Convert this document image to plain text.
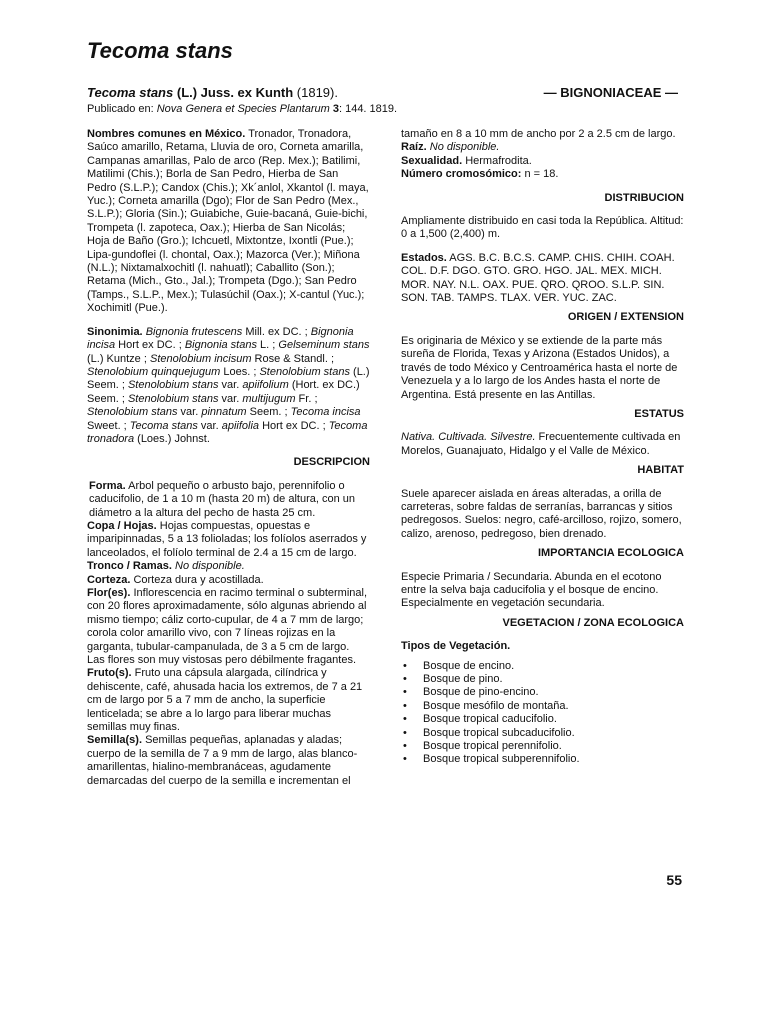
Tecoma stans
Tecoma stans (L.) Juss. ex Kunth (1819).	— BIGNONIACEAE —
Publicado en: Nova Genera et Species Plantarum 3: 144. 1819.

Nombres comunes en México. Tronador, Tronadora, Saúco amarillo, Retama, Lluvia de oro, Corneta amarilla, Campanas amarillas, Palo de arco (Rep. Mex.); Batilimi, Matilimi (Chis.); Borla de San Pedro, Hierba de San Pedro (S.L.P.); Candox (Chis.); Xk´anlol, Xkantol (l. maya, Yuc.); Corneta amarilla (Dgo); Flor de San Pedro (Mex., S.L.P.); Gloria (Sin.); Guiabiche, Guie-bacaná, Guie-bichi, Trompeta (l. zapoteca, Oax.); Hierba de San Nicolás; Hoja de Baño (Gro.); Ichcuetl, Mixtontze, Ixontli (Pue.); Lipa-gundoflei (l. chontal, Oax.); Mazorca (Ver.); Miñona (N.L.); Nixtamalxochitl (l. nahuatl); Caballito (Son.); Retama (Mich., Gto., Jal.); Trompeta (Dgo.); San Pedro (Tamps., S.L.P., Mex.); Tulasúchil (Oax.); X-cantul (Yuc.); Xochimitl (Pue.).

Sinonimia. Bignonia frutescens Mill. ex DC. ; Bignonia incisa Hort ex DC. ; Bignonia stans L. ; Gelseminum stans (L.) Kuntze ; Stenolobium incisum Rose & Standl. ; Stenolobium quinquejugum Loes. ; Stenolobium stans (L.) Seem. ; Stenolobium stans var. apiifolium (Hort. ex DC.) Seem. ; Stenolobium stans var. multijugum Fr. ; Stenolobium stans var. pinnatum Seem. ; Tecoma incisa Sweet. ; Tecoma stans var. apiifolia Hort ex DC. ; Tecoma tronadora (Loes.) Johnst.

DESCRIPCION

Forma. Arbol pequeño o arbusto bajo, perennifolio o caducifolio, de 1 a 10 m (hasta 20 m) de altura, con un diámetro a la altura del pecho de hasta 25 cm.

Copa / Hojas. Hojas compuestas, opuestas e imparipinnadas, 5 a 13 folioladas; los folíolos aserrados y lanceolados, el folíolo terminal de 2.4 a 15 cm de largo.

Tronco / Ramas. No disponible.

Corteza. Corteza dura y acostillada.

Flor(es). Inflorescencia en racimo terminal o subterminal, con 20 flores aproximadamente, sólo algunas abriendo al mismo tiempo; cáliz corto-cupular, de 4 a 7 mm de largo; corola color amarillo vivo, con 7 líneas rojizas en la garganta, tubular-campanulada, de 3 a 5 cm de largo. Las flores son muy vistosas pero débilmente fragantes.

Fruto(s). Fruto una cápsula alargada, cilíndrica y dehiscente, café, ahusada hacia los extremos, de 7 a 21 cm de largo por 5 a 7 mm de ancho, la superficie lenticelada; se abre a lo largo para liberar muchas semillas muy finas.

Semilla(s). Semillas pequeñas, aplanadas y aladas; cuerpo de la semilla de 7 a 9 mm de largo, alas blanco-amarillentas, hialino-membranáceas, agudamente demarcadas del cuerpo de la semilla e incrementan el

tamaño en 8 a 10 mm de ancho por 2 a 2.5 cm de largo.

Raíz. No disponible.

Sexualidad. Hermafrodita.

Número cromosómico: n = 18.

DISTRIBUCION

Ampliamente distribuido en casi toda la República. Altitud: 0 a 1,500 (2,400) m.

Estados. AGS. B.C. B.C.S. CAMP. CHIS. CHIH. COAH. COL. D.F. DGO. GTO. GRO. HGO. JAL. MEX. MICH. MOR. NAY. N.L. OAX. PUE. QRO. QROO. S.L.P. SIN. SON. TAB. TAMPS. TLAX. VER. YUC. ZAC.

ORIGEN / EXTENSION

Es originaria de México y se extiende de la parte más sureña de Florida, Texas y Arizona (Estados Unidos), a través de todo México y Centroamérica hasta el norte de Venezuela y a lo largo de los Andes hasta el norte de Argentina. Está presente en las Antillas.

ESTATUS

Nativa. Cultivada. Silvestre. Frecuentemente cultivada en Morelos, Guanajuato, Hidalgo y el Valle de México.

HABITAT

Suele aparecer aislada en áreas alteradas, a orilla de carreteras, sobre faldas de serranías, barrancas y sitios pedregosos. Suelos: negro, café-arcilloso, rojizo, somero, calizo, arenoso, pedregoso, bien drenado.

IMPORTANCIA ECOLOGICA

Especie Primaria / Secundaria. Abunda en el ecotono entre la selva baja caducifolia y el bosque de encino. Especialmente en vegetación secundaria.

VEGETACION / ZONA ECOLOGICA

Tipos de Vegetación.

• Bosque de encino.
• Bosque de pino.
• Bosque de pino-encino.
• Bosque mesófilo de montaña.
• Bosque tropical caducifolio.
• Bosque tropical subcaducifolio.
• Bosque tropical perennifolio.
• Bosque tropical subperennifolio.
55
